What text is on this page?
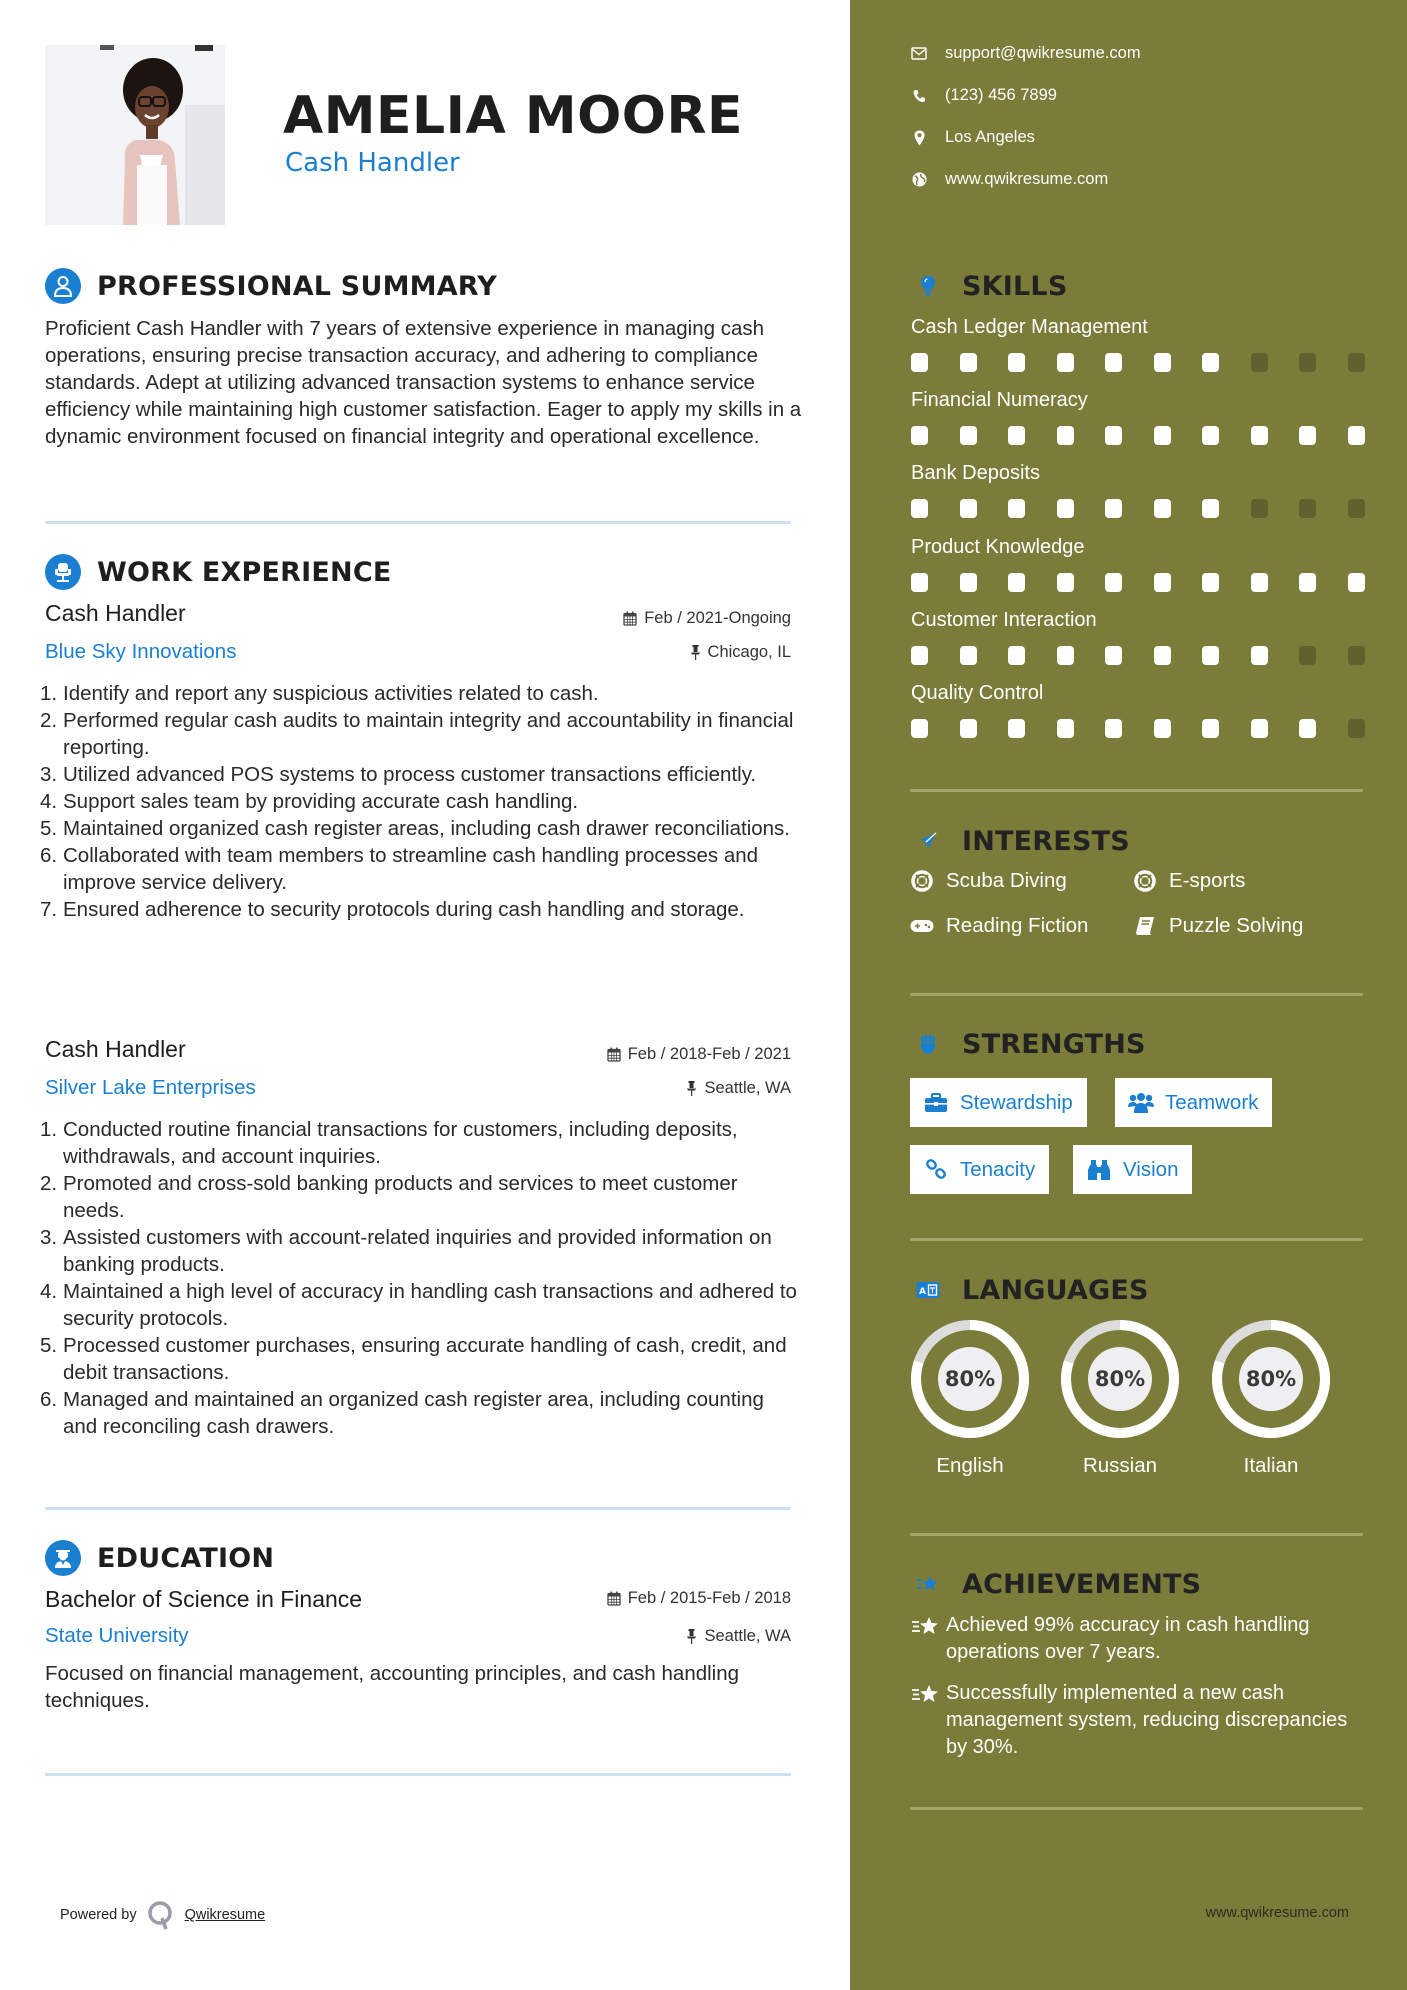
AMELIA MOORE
Cash Handler
PROFESSIONAL SUMMARY

Proficient Cash Handler with 7 years of extensive experience in managing cash operations, ensuring precise transaction accuracy, and adhering to compliance standards. Adept at utilizing advanced transaction systems to enhance service efficiency while maintaining high customer satisfaction. Eager to apply my skills in a dynamic environment focused on financial integrity and operational excellence.

WORK EXPERIENCE
Cash Handler	Feb / 2021-Ongoing
Blue Sky Innovations	Chicago, IL
1. Identify and report any suspicious activities related to cash.
2. Performed regular cash audits to maintain integrity and accountability in financial reporting.
3. Utilized advanced POS systems to process customer transactions efficiently.
4. Support sales team by providing accurate cash handling.
5. Maintained organized cash register areas, including cash drawer reconciliations.
6. Collaborated with team members to streamline cash handling processes and improve service delivery.
7. Ensured adherence to security protocols during cash handling and storage.
Cash Handler	Feb / 2018-Feb / 2021
Silver Lake Enterprises	Seattle, WA
1. Conducted routine financial transactions for customers, including deposits, withdrawals, and account inquiries.
2. Promoted and cross-sold banking products and services to meet customer needs.
3. Assisted customers with account-related inquiries and provided information on banking products.
4. Maintained a high level of accuracy in handling cash transactions and adhered to security protocols.
5. Processed customer purchases, ensuring accurate handling of cash, credit, and debit transactions.
6. Managed and maintained an organized cash register area, including counting and reconciling cash drawers.
EDUCATION
Bachelor of Science in Finance	Feb / 2015-Feb / 2018
State University	Seattle, WA

Focused on financial management, accounting principles, and cash handling techniques.

Powered by	Qwikresume
support@qwikresume.com
(123) 456 7899
Los Angeles
www.qwikresume.com
SKILLS
Cash Ledger Management
Financial Numeracy
Bank Deposits
Product Knowledge
Customer Interaction
Quality Control
INTERESTS
Scuba Diving	E-sports
Reading Fiction	Puzzle Solving
STRENGTHS
Stewardship	Teamwork
Tenacity	Vision
A LANGUAGES
80%
English
80%
Russian
80%
Italian
ACHIEVEMENTS
Achieved 99% accuracy in cash handling operations over 7 years.
Successfully implemented a new cash management system, reducing discrepancies by 30%.
www.qwikresume.com
